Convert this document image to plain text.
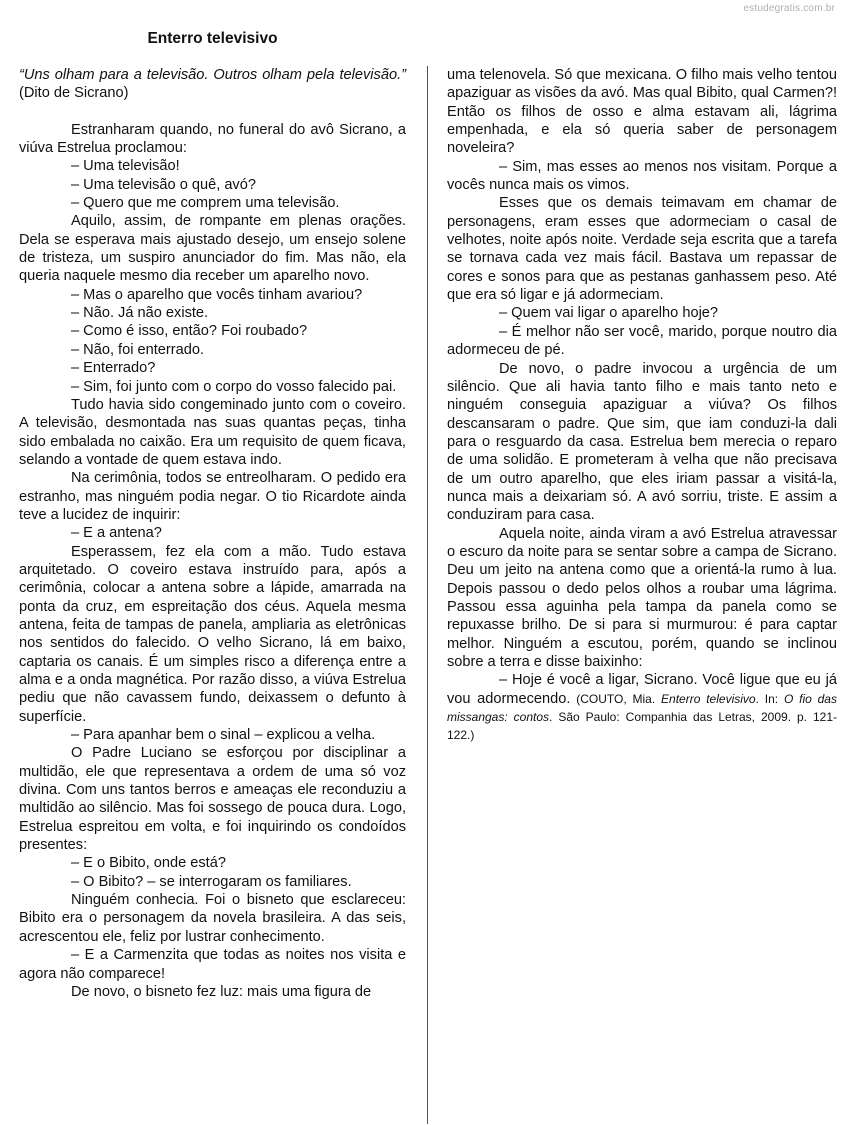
estudegratis.com.br
Enterro televisivo

“Uns olham para a televisão. Outros olham pela televisão.” (Dito de Sicrano)

Estranharam quando, no funeral do avô Sicrano, a viúva Estrelua proclamou:

– Uma televisão!

– Uma televisão o quê, avó?

– Quero que me comprem uma televisão.

Aquilo, assim, de rompante em plenas orações. Dela se esperava mais ajustado desejo, um ensejo solene de tristeza, um suspiro anunciador do fim. Mas não, ela queria naquele mesmo dia receber um aparelho novo.

– Mas o aparelho que vocês tinham avariou?

– Não. Já não existe.

– Como é isso, então? Foi roubado?

– Não, foi enterrado.

– Enterrado?

– Sim, foi junto com o corpo do vosso falecido pai.

Tudo havia sido congeminado junto com o coveiro. A televisão, desmontada nas suas quantas peças, tinha sido embalada no caixão. Era um requisito de quem ficava, selando a vontade de quem estava indo.

Na cerimônia, todos se entreolharam. O pedido era estranho, mas ninguém podia negar. O tio Ricardote ainda teve a lucidez de inquirir:

– E a antena?

Esperassem, fez ela com a mão. Tudo estava arquitetado. O coveiro estava instruído para, após a cerimônia, colocar a antena sobre a lápide, amarrada na ponta da cruz, em espreitação dos céus. Aquela mesma antena, feita de tampas de panela, ampliaria as eletrônicas nos sentidos do falecido. O velho Sicrano, lá em baixo, captaria os canais. É um simples risco a diferença entre a alma e a onda magnética. Por razão disso, a viúva Estrelua pediu que não cavassem fundo, deixassem o defunto à superfície.

– Para apanhar bem o sinal – explicou a velha.

O Padre Luciano se esforçou por disciplinar a multidão, ele que representava a ordem de uma só voz divina. Com uns tantos berros e ameaças ele reconduziu a multidão ao silêncio. Mas foi sossego de pouca dura. Logo, Estrelua espreitou em volta, e foi inquirindo os condoídos presentes:

– E o Bibito, onde está?

– O Bibito? – se interrogaram os familiares.

Ninguém conhecia. Foi o bisneto que esclareceu: Bibito era o personagem da novela brasileira. A das seis, acrescentou ele, feliz por lustrar conhecimento.

– E a Carmenzita que todas as noites nos visita e agora não comparece!

De novo, o bisneto fez luz: mais uma figura de

uma telenovela. Só que mexicana. O filho mais velho tentou apaziguar as visões da avó. Mas qual Bibito, qual Carmen?! Então os filhos de osso e alma estavam ali, lágrima empenhada, e ela só queria saber de personagem noveleira?

– Sim, mas esses ao menos nos visitam. Porque a vocês nunca mais os vimos.

Esses que os demais teimavam em chamar de personagens, eram esses que adormeciam o casal de velhotes, noite após noite. Verdade seja escrita que a tarefa se tornava cada vez mais fácil. Bastava um repassar de cores e sonos para que as pestanas ganhassem peso. Até que era só ligar e já adormeciam.

– Quem vai ligar o aparelho hoje?

– É melhor não ser você, marido, porque noutro dia adormeceu de pé.

De novo, o padre invocou a urgência de um silêncio. Que ali havia tanto filho e mais tanto neto e ninguém conseguia apaziguar a viúva? Os filhos descansaram o padre. Que sim, que iam conduzi-la dali para o resguardo da casa. Estrelua bem merecia o reparo de uma solidão. E prometeram à velha que não precisava de um outro aparelho, que eles iriam passar a visitá-la, nunca mais a deixariam só. A avó sorriu, triste. E assim a conduziram para casa.

Aquela noite, ainda viram a avó Estrelua atravessar o escuro da noite para se sentar sobre a campa de Sicrano. Deu um jeito na antena como que a orientá-la rumo à lua. Depois passou o dedo pelos olhos a roubar uma lágrima. Passou essa aguinha pela tampa da panela como se repuxasse brilho. De si para si murmurou: é para captar melhor. Ninguém a escutou, porém, quando se inclinou sobre a terra e disse baixinho:

– Hoje é você a ligar, Sicrano. Você ligue que eu já vou adormecendo. (COUTO, Mia. Enterro televisivo. In: O fio das missangas: contos. São Paulo: Companhia das Letras, 2009. p. 121-122.)
